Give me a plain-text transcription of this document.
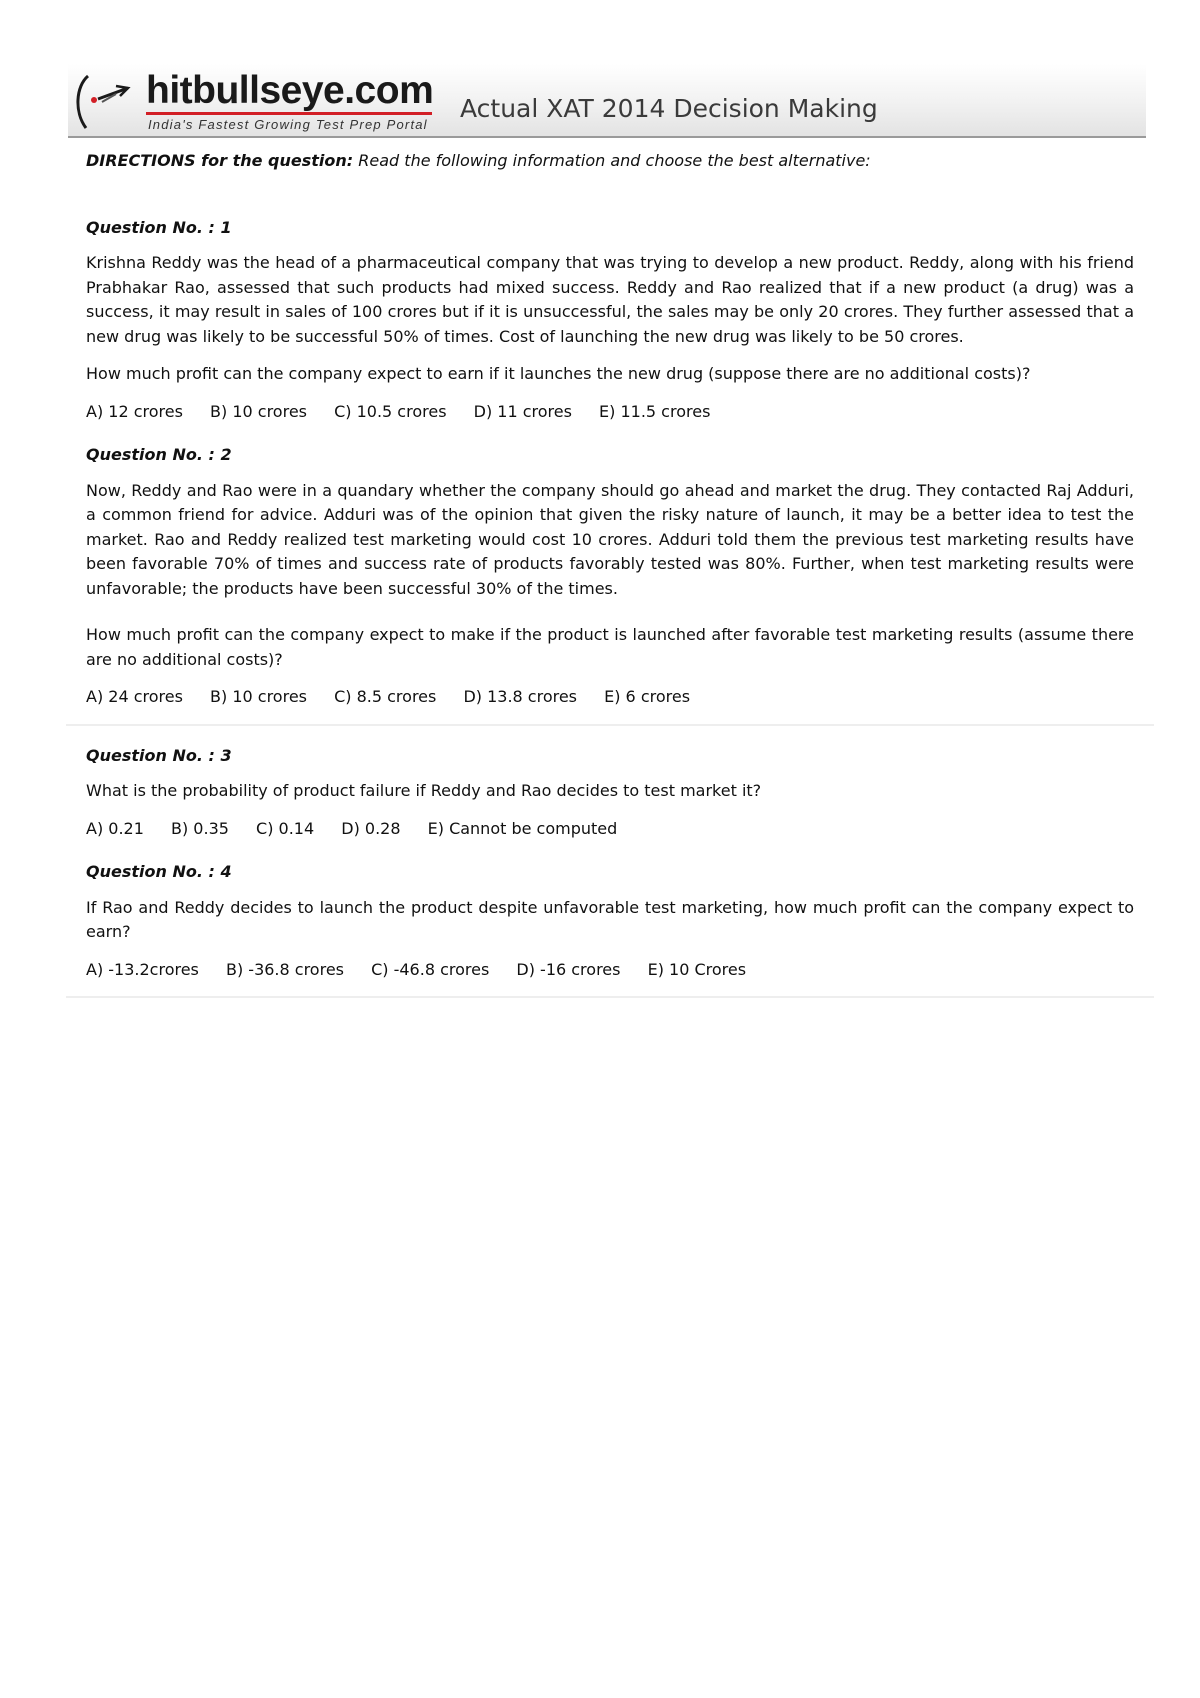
hitbullseye.com
India's Fastest Growing Test Prep Portal
Actual XAT 2014 Decision Making
DIRECTIONS for the question: Read the following information and choose the best alternative:
Question No. : 1
Krishna Reddy was the head of a pharmaceutical company that was trying to develop a new product. Reddy, along with his friend Prabhakar Rao, assessed that such products had mixed success. Reddy and Rao realized that if a new product (a drug) was a success, it may result in sales of 100 crores but if it is unsuccessful, the sales may be only 20 crores. They further assessed that a new drug was likely to be successful 50% of times. Cost of launching the new drug was likely to be 50 crores.
How much profit can the company expect to earn if it launches the new drug (suppose there are no additional costs)?
A) 12 crores B) 10 crores C) 10.5 crores D) 11 crores E) 11.5 crores
Question No. : 2
Now, Reddy and Rao were in a quandary whether the company should go ahead and market the drug. They contacted Raj Adduri, a common friend for advice. Adduri was of the opinion that given the risky nature of launch, it may be a better idea to test the market. Rao and Reddy realized test marketing would cost 10 crores. Adduri told them the previous test marketing results have been favorable 70% of times and success rate of products favorably tested was 80%. Further, when test marketing results were unfavorable; the products have been successful 30% of the times.
How much profit can the company expect to make if the product is launched after favorable test marketing results (assume there are no additional costs)?
A) 24 crores B) 10 crores C) 8.5 crores D) 13.8 crores E) 6 crores
Question No. : 3
What is the probability of product failure if Reddy and Rao decides to test market it?
A) 0.21 B) 0.35 C) 0.14 D) 0.28 E) Cannot be computed
Question No. : 4
If Rao and Reddy decides to launch the product despite unfavorable test marketing, how much profit can the company expect to earn?
A) -13.2crores B) -36.8 crores C) -46.8 crores D) -16 crores E) 10 Crores
